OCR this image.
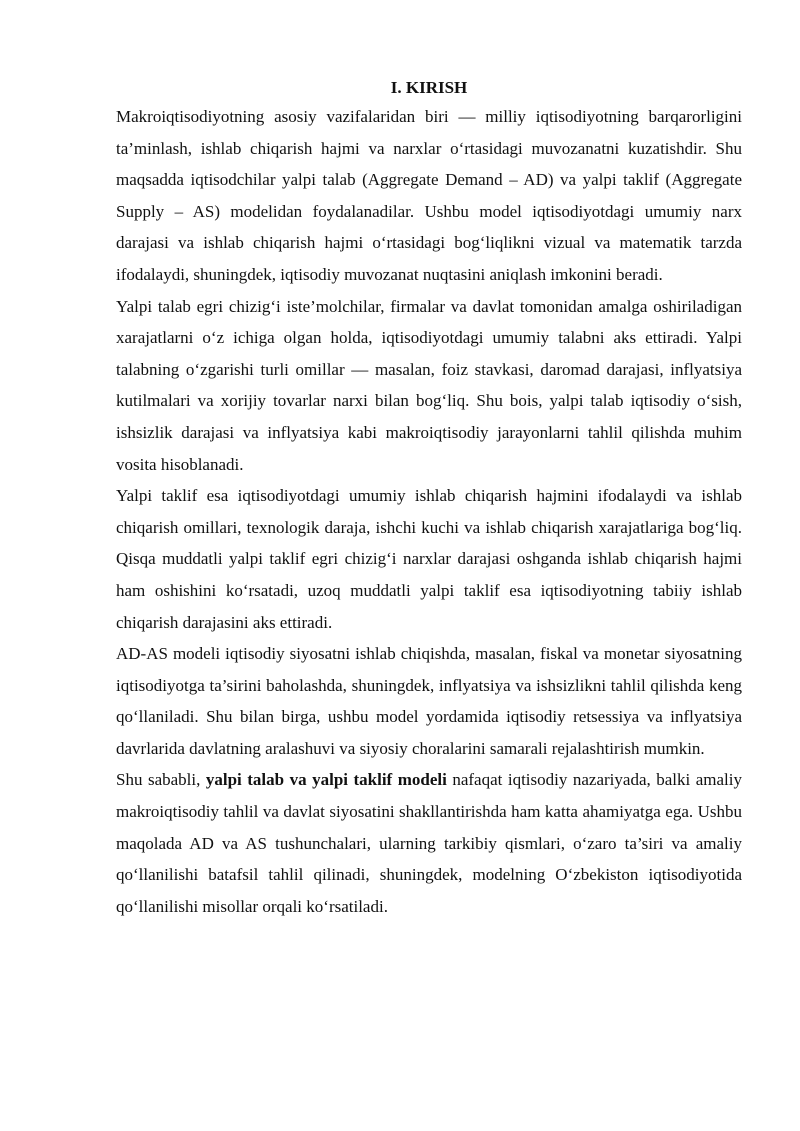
I. KIRISH

Makroiqtisodiyotning asosiy vazifalaridan biri — milliy iqtisodiyotning barqarorligini ta’minlash, ishlab chiqarish hajmi va narxlar o‘rtasidagi muvozanatni kuzatishdir. Shu maqsadda iqtisodchilar yalpi talab (Aggregate Demand – AD) va yalpi taklif (Aggregate Supply – AS) modelidan foydalanadilar. Ushbu model iqtisodiyotdagi umumiy narx darajasi va ishlab chiqarish hajmi o‘rtasidagi bog‘liqlikni vizual va matematik tarzda ifodalaydi, shuningdek, iqtisodiy muvozanat nuqtasini aniqlash imkonini beradi.

Yalpi talab egri chizig‘i iste’molchilar, firmalar va davlat tomonidan amalga oshiriladigan xarajatlarni o‘z ichiga olgan holda, iqtisodiyotdagi umumiy talabni aks ettiradi. Yalpi talabning o‘zgarishi turli omillar — masalan, foiz stavkasi, daromad darajasi, inflyatsiya kutilmalari va xorijiy tovarlar narxi bilan bog‘liq. Shu bois, yalpi talab iqtisodiy o‘sish, ishsizlik darajasi va inflyatsiya kabi makroiqtisodiy jarayonlarni tahlil qilishda muhim vosita hisoblanadi.

Yalpi taklif esa iqtisodiyotdagi umumiy ishlab chiqarish hajmini ifodalaydi va ishlab chiqarish omillari, texnologik daraja, ishchi kuchi va ishlab chiqarish xarajatlariga bog‘liq. Qisqa muddatli yalpi taklif egri chizig‘i narxlar darajasi oshganda ishlab chiqarish hajmi ham oshishini ko‘rsatadi, uzoq muddatli yalpi taklif esa iqtisodiyotning tabiiy ishlab chiqarish darajasini aks ettiradi.

AD-AS modeli iqtisodiy siyosatni ishlab chiqishda, masalan, fiskal va monetar siyosatning iqtisodiyotga ta’sirini baholashda, shuningdek, inflyatsiya va ishsizlikni tahlil qilishda keng qo‘llaniladi. Shu bilan birga, ushbu model yordamida iqtisodiy retsessiya va inflyatsiya davrlarida davlatning aralashuvi va siyosiy choralarini samarali rejalashtirish mumkin.

Shu sababli, yalpi talab va yalpi taklif modeli nafaqat iqtisodiy nazariyada, balki amaliy makroiqtisodiy tahlil va davlat siyosatini shakllantirishda ham katta ahamiyatga ega. Ushbu maqolada AD va AS tushunchalari, ularning tarkibiy qismlari, o‘zaro ta’siri va amaliy qo‘llanilishi batafsil tahlil qilinadi, shuningdek, modelning O‘zbekiston iqtisodiyotida qo‘llanilishi misollar orqali ko‘rsatiladi.
